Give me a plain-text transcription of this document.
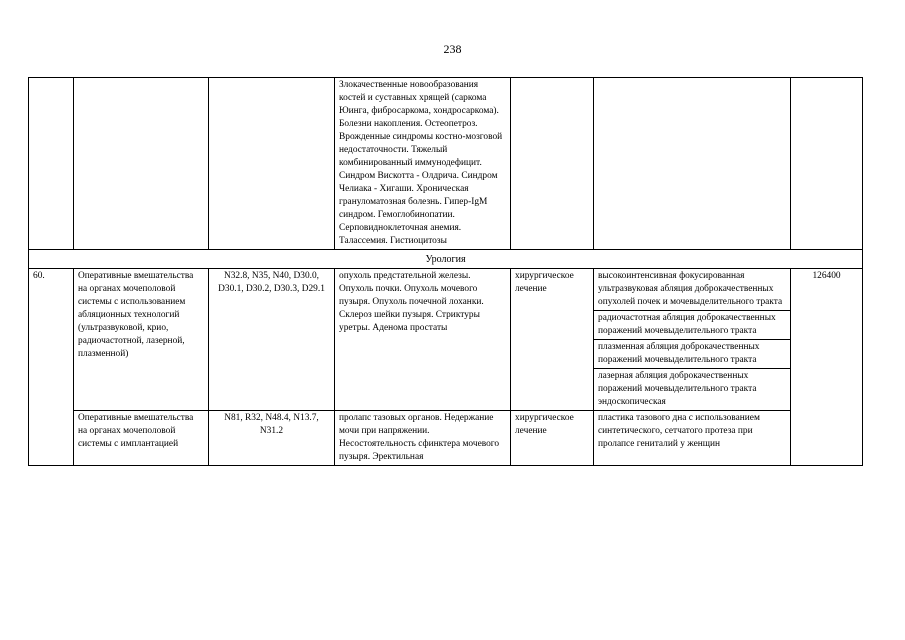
238
			Злокачественные новообразования костей и суставных хрящей (саркома Юинга, фибросаркома, хондросаркома). Болезни накопления. Остеопетроз. Врожденные синдромы костно-мозговой недостаточности. Тяжелый комбинированный иммунодефицит. Синдром Вискотта - Олдрича. Синдром Челиака - Хигаши. Хроническая грануломатозная болезнь. Гипер-IgM синдром. Гемоглобинопатии. Серповидноклеточная анемия. Талассемия. Гистиоцитозы			
Урология						
60.	Оперативные вмешательства на органах мочеполовой системы с использованием абляционных технологий (ультразвуковой, крио, радиочастотной, лазерной, плазменной)	N32.8, N35, N40, D30.0, D30.1, D30.2, D30.3, D29.1	опухоль предстательной железы. Опухоль почки. Опухоль мочевого пузыря. Опухоль почечной лоханки. Склероз шейки пузыря. Стриктуры уретры. Аденома простаты	хирургическое лечение	высокоинтенсивная фокусированная ультразвуковая абляция доброкачественных опухолей почек и мочевыделительного тракта	126400
					радиочастотная абляция доброкачественных поражений мочевыделительного тракта	
					плазменная абляция доброкачественных поражений мочевыделительного тракта	
					лазерная абляция доброкачественных поражений мочевыделительного тракта эндоскопическая	
	Оперативные вмешательства на органах мочеполовой системы с имплантацией	N81, R32, N48.4, N13.7, N31.2	пролапс тазовых органов. Недержание мочи при напряжении. Несостоятельность сфинктера мочевого пузыря. Эректильная	хирургическое лечение	пластика тазового дна с использованием синтетического, сетчатого протеза при пролапсе гениталий у женщин	
